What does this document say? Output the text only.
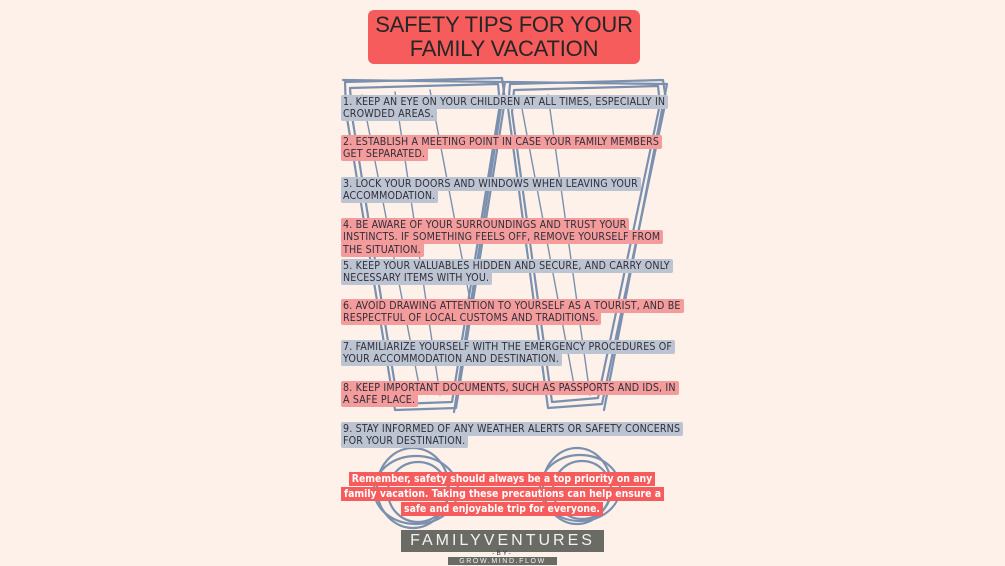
SAFETY TIPS FOR YOUR FAMILY VACATION
1. KEEP AN EYE ON YOUR CHILDREN AT ALL TIMES, ESPECIALLY IN CROWDED AREAS.
2. ESTABLISH A MEETING POINT IN CASE YOUR FAMILY MEMBERS GET SEPARATED.
3. LOCK YOUR DOORS AND WINDOWS WHEN LEAVING YOUR ACCOMMODATION.
4. BE AWARE OF YOUR SURROUNDINGS AND TRUST YOUR INSTINCTS. IF SOMETHING FEELS OFF, REMOVE YOURSELF FROM THE SITUATION.
5. KEEP YOUR VALUABLES HIDDEN AND SECURE, AND CARRY ONLY NECESSARY ITEMS WITH YOU.
6. AVOID DRAWING ATTENTION TO YOURSELF AS A TOURIST, AND BE RESPECTFUL OF LOCAL CUSTOMS AND TRADITIONS.
7. FAMILIARIZE YOURSELF WITH THE EMERGENCY PROCEDURES OF YOUR ACCOMMODATION AND DESTINATION.
8. KEEP IMPORTANT DOCUMENTS, SUCH AS PASSPORTS AND IDS, IN A SAFE PLACE.
9. STAY INFORMED OF ANY WEATHER ALERTS OR SAFETY CONCERNS FOR YOUR DESTINATION.
Remember, safety should always be a top priority on any family vacation. Taking these precautions can help ensure a safe and enjoyable trip for everyone.
FAMILYVENTURES
-BY-
GROW.MIND.FLOW
